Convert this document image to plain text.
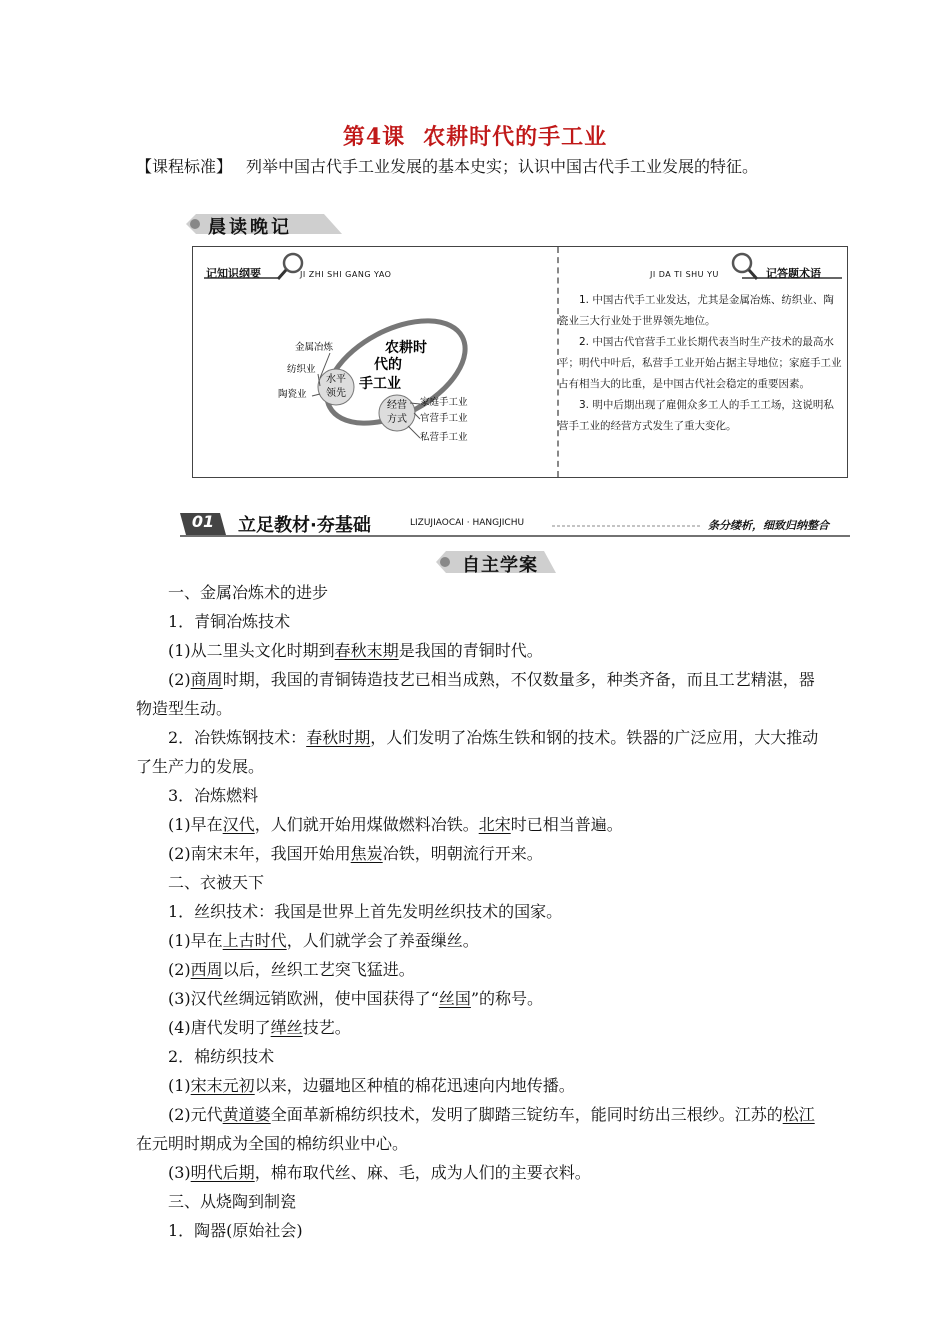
第4课 农耕时代的手工业
【课程标准】 列举中国古代手工业发展的基本史实；认识中国古代手工业发展的特征。
晨读晚记
记知识纲要	JI ZHI SHI GANG YAO
农耕时
代的
手工业
水平
领先
经营
方式
金属冶炼
纺织业
陶瓷业
家庭手工业
官营手工业
私营手工业
JI DA TI SHU YU	记答题术语

1. 中国古代手工业发达，尤其是金属冶炼、纺织业、陶瓷业三大行业处于世界领先地位。

2. 中国古代官营手工业长期代表当时生产技术的最高水平；明代中叶后，私营手工业开始占据主导地位；家庭手工业占有相当大的比重，是中国古代社会稳定的重要因素。

3. 明中后期出现了雇佣众多工人的手工工场，这说明私营手工业的经营方式发生了重大变化。

01	立足教材·夯基础	LIZUJIAOCAI · HANGJICHU	条分缕析，细致归纳整合
自主学案

一、金属冶炼术的进步

1．青铜冶炼技术

(1)从二里头文化时期到春秋末期是我国的青铜时代。

(2)商周时期，我国的青铜铸造技艺已相当成熟，不仅数量多，种类齐备，而且工艺精湛，器物造型生动。

2．冶铁炼钢技术：春秋时期，人们发明了冶炼生铁和钢的技术。铁器的广泛应用，大大推动了生产力的发展。

3．冶炼燃料

(1)早在汉代，人们就开始用煤做燃料冶铁。北宋时已相当普遍。

(2)南宋末年，我国开始用焦炭冶铁，明朝流行开来。

二、衣被天下

1．丝织技术：我国是世界上首先发明丝织技术的国家。

(1)早在上古时代，人们就学会了养蚕缫丝。

(2)西周以后，丝织工艺突飞猛进。

(3)汉代丝绸远销欧洲，使中国获得了“丝国”的称号。

(4)唐代发明了缂丝技艺。

2．棉纺织技术

(1)宋末元初以来，边疆地区种植的棉花迅速向内地传播。

(2)元代黄道婆全面革新棉纺织技术，发明了脚踏三锭纺车，能同时纺出三根纱。江苏的松江在元明时期成为全国的棉纺织业中心。

(3)明代后期，棉布取代丝、麻、毛，成为人们的主要衣料。

三、从烧陶到制瓷

1．陶器(原始社会)
